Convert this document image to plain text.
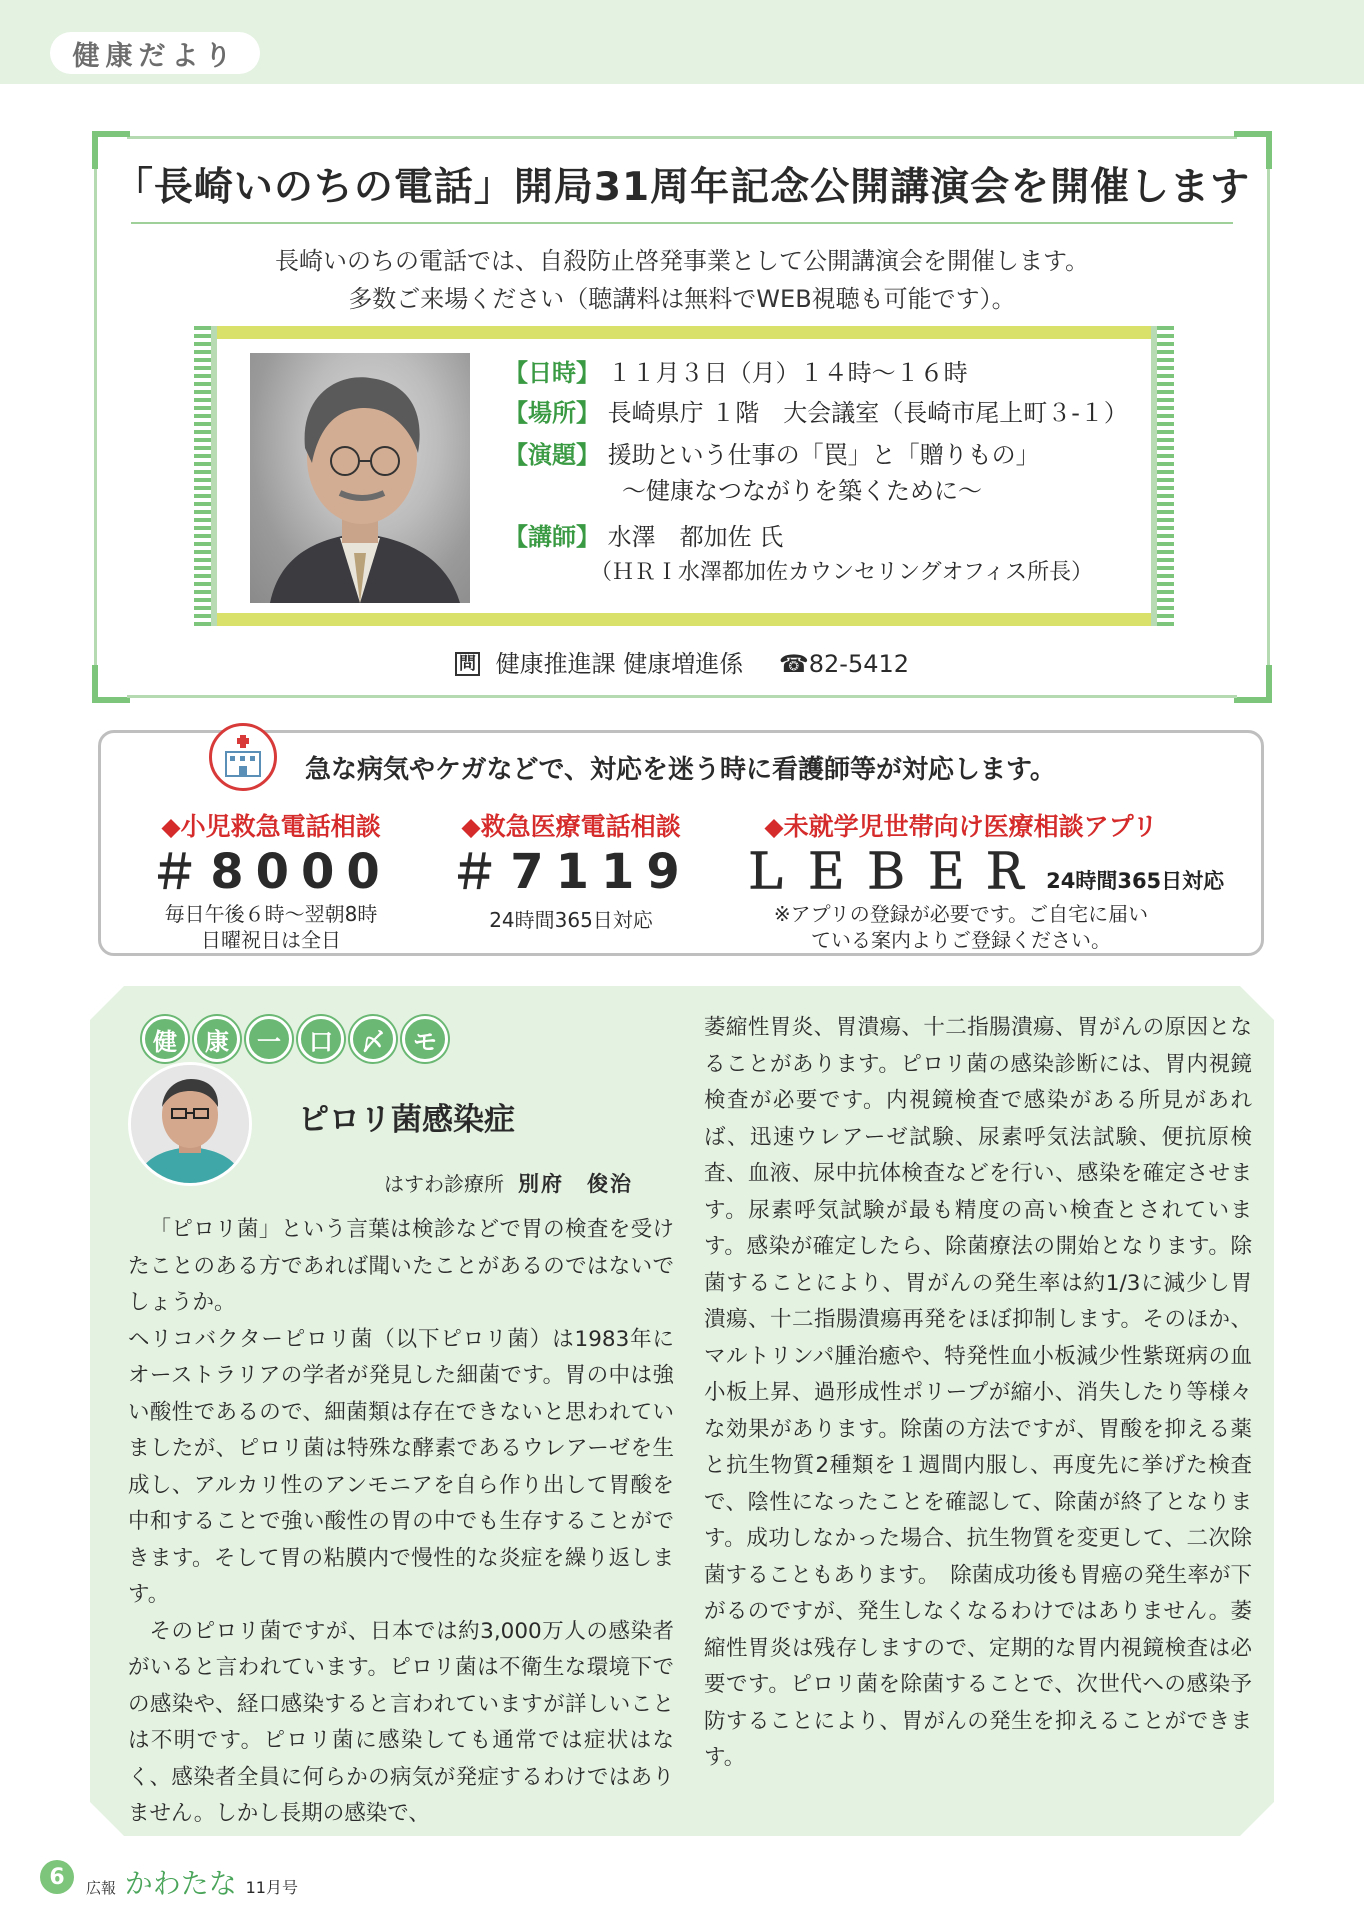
健康だより
「長崎いのちの電話」開局31周年記念公開講演会を開催します
長崎いのちの電話では、自殺防止啓発事業として公開講演会を開催します。
多数ご来場ください（聴講料は無料でWEB視聴も可能です）。
【日時】 １１月３日（月）１４時～１６時
【場所】 長崎県庁 １階　大会議室（長崎市尾上町３-１）
【演題】 援助という仕事の「罠」と「贈りもの」
～健康なつながりを築くために～
【講師】 水澤　都加佐 氏
（ＨＲＩ水澤都加佐カウンセリングオフィス所長）
問 健康推進課 健康増進係 ☎82-5412
急な病気やケガなどで、対応を迷う時に看護師等が対応します。
◆小児救急電話相談
＃8000
毎日午後６時～翌朝8時
日曜祝日は全日
◆救急医療電話相談
＃7119
24時間365日対応
◆未就学児世帯向け医療相談アプリ
ＬＥＢＥＲ 24時間365日対応
※アプリの登録が必要です。ご自宅に届い
ている案内よりご登録ください。
健	康	一	口	〆	モ
ピロリ菌感染症
はすわ診療所 別府　俊治

「ピロリ菌」という言葉は検診などで胃の検査を受けたことのある方であれば聞いたことがあるのではないでしょうか。

ヘリコバクターピロリ菌（以下ピロリ菌）は1983年にオーストラリアの学者が発見した細菌です。胃の中は強い酸性であるので、細菌類は存在できないと思われていましたが、ピロリ菌は特殊な酵素であるウレアーゼを生成し、アルカリ性のアンモニアを自ら作り出して胃酸を中和することで強い酸性の胃の中でも生存することができます。そして胃の粘膜内で慢性的な炎症を繰り返します。

そのピロリ菌ですが、日本では約3,000万人の感染者がいると言われています。ピロリ菌は不衛生な環境下での感染や、経口感染すると言われていますが詳しいことは不明です。ピロリ菌に感染しても通常では症状はなく、感染者全員に何らかの病気が発症するわけではありません。しかし長期の感染で、

萎縮性胃炎、胃潰瘍、十二指腸潰瘍、胃がんの原因となることがあります。ピロリ菌の感染診断には、胃内視鏡検査が必要です。内視鏡検査で感染がある所見があれば、迅速ウレアーゼ試験、尿素呼気法試験、便抗原検査、血液、尿中抗体検査などを行い、感染を確定させます。尿素呼気試験が最も精度の高い検査とされています。感染が確定したら、除菌療法の開始となります。除菌することにより、胃がんの発生率は約1/3に減少し胃潰瘍、十二指腸潰瘍再発をほぼ抑制します。そのほか、マルトリンパ腫治癒や、特発性血小板減少性紫斑病の血小板上昇、過形成性ポリープが縮小、消失したり等様々な効果があります。除菌の方法ですが、胃酸を抑える薬と抗生物質2種類を１週間内服し、再度先に挙げた検査で、陰性になったことを確認して、除菌が終了となります。成功しなかった場合、抗生物質を変更して、二次除菌することもあります。　除菌成功後も胃癌の発生率が下がるのですが、発生しなくなるわけではありません。萎縮性胃炎は残存しますので、定期的な胃内視鏡検査は必要です。ピロリ菌を除菌することで、次世代への感染予防することにより、胃がんの発生を抑えることができます。

6	広報 かわたな 11月号
